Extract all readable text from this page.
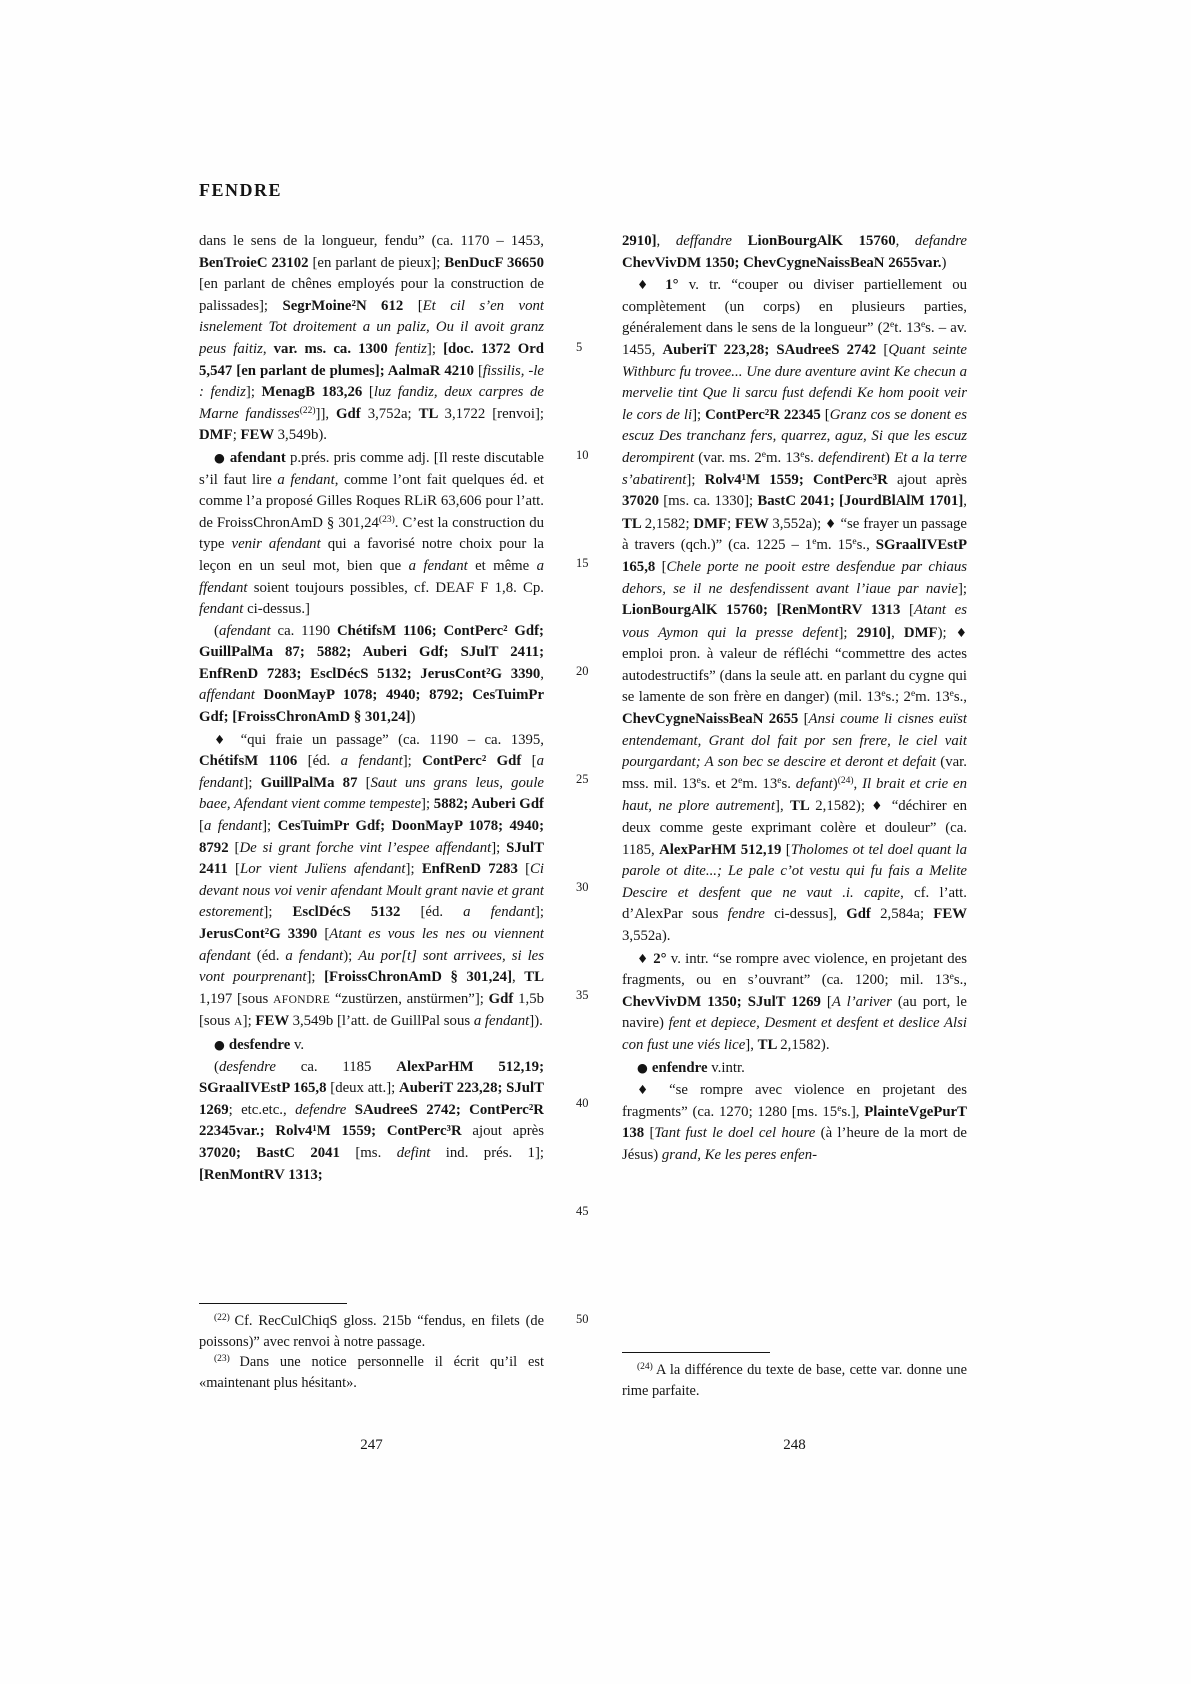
FENDRE

dans le sens de la longueur, fendu” (ca. 1170 – 1453, BenTroieC 23102 [en parlant de pieux]; BenDucF 36650 [en parlant de chênes employés pour la construction de palissades]; SegrMoine²N 612 [Et cil s’en vont isnelement Tot droitement a un paliz, Ou il avoit granz peus faitiz, var. ms. ca. 1300 fentiz]; [doc. 1372 Ord 5,547 [en parlant de plumes]; AalmaR 4210 [fissilis, -le : fendiz]; MenagB 183,26 [luz fandiz, deux carpres de Marne fandisses$^{(22)}$]], Gdf 3,752a; TL 3,1722 [renvoi]; DMF; FEW 3,549b).

● afendant p.prés. pris comme adj. [Il reste discutable s’il faut lire a fendant, comme l’ont fait quelques éd. et comme l’a proposé Gilles Roques RLiR 63,606 pour l’att. de FroissChronAmD § 301,24$^{(23)}$. C’est la construction du type venir afendant qui a favorisé notre choix pour la leçon en un seul mot, bien que a fendant et même a ffendant soient toujours possibles, cf. DEAF F 1,8. Cp. fendant ci-dessus.]

(afendant ca. 1190 ChétifsM 1106; ContPerc² Gdf; GuillPalMa 87; 5882; Auberi Gdf; SJulT 2411; EnfRenD 7283; EsclDécS 5132; JerusCont²G 3390, affendant DoonMayP 1078; 4940; 8792; CesTuimPr Gdf; [FroissChronAmD § 301,24])

♦ “qui fraie un passage” (ca. 1190 – ca. 1395, ChétifsM 1106 [éd. a fendant]; ContPerc² Gdf [a fendant]; GuillPalMa 87 [Saut uns grans leus, goule baee, Afendant vient comme tempeste]; 5882; Auberi Gdf [a fendant]; CesTuimPr Gdf; DoonMayP 1078; 4940; 8792 [De si grant forche vint l’espee affendant]; SJulT 2411 [Lor vient Julïens afendant]; EnfRenD 7283 [Ci devant nous voi venir afendant Moult grant navie et grant estorement]; EsclDécS 5132 [éd. a fendant]; JerusCont²G 3390 [Atant es vous les nes ou viennent afendant (éd. a fendant); Au por[t] sont arrivees, si les vont pourprenant]; [FroissChronAmD § 301,24], TL 1,197 [sous AFONDRE “zustürzen, anstürmen”]; Gdf 1,5b [sous A]; FEW 3,549b [l’att. de GuillPal sous a fendant]).

● desfendre v.

(desfendre ca. 1185 AlexParHM 512,19; SGraalIVEstP 165,8 [deux att.]; AuberiT 223,28; SJulT 1269; etc.etc., defendre SAudreeS 2742; ContPerc²R 22345var.; Rolv4¹M 1559; ContPerc³R ajout après 37020; BastC 2041 [ms. defint ind. prés. 1]; [RenMontRV 1313;

5
10
15
20
25
30
35
40
45
50

2910], deffandre LionBourgAlK 15760, defandre ChevVivDM 1350; ChevCygneNaissBeaN 2655var.)

♦ 1° v. tr. “couper ou diviser partiellement ou complètement (un corps) en plusieurs parties, généralement dans le sens de la longueur” (2et. 13es. – av. 1455, AuberiT 223,28; SAudreeS 2742 [Quant seinte Withburc fu trovee... Une dure aventure avint Ke checun a mervelie tint Que li sarcu fust defendi Ke hom pooit veir le cors de li]; ContPerc²R 22345 [Granz cos se donent es escuz Des tranchanz fers, quarrez, aguz, Si que les escuz derompirent (var. ms. 2em. 13es. defendirent) Et a la terre s’abatirent]; Rolv4¹M 1559; ContPerc³R ajout après 37020 [ms. ca. 1330]; BastC 2041; [JourdBlAlM 1701], TL 2,1582; DMF; FEW 3,552a); ♦ “se frayer un passage à travers (qch.)” (ca. 1225 – 1em. 15es., SGraalIVEstP 165,8 [Chele porte ne pooit estre desfendue par chiaus dehors, se il ne desfendissent avant l’iaue par navie]; LionBourgAlK 15760; [RenMontRV 1313 [Atant es vous Aymon qui la presse defent]; 2910], DMF); ♦ emploi pron. à valeur de réfléchi “commettre des actes autodestructifs” (dans la seule att. en parlant du cygne qui se lamente de son frère en danger) (mil. 13es.; 2em. 13es., ChevCygneNaissBeaN 2655 [Ansi coume li cisnes euïst entendemant, Grant dol fait por sen frere, le ciel vait pourgardant; A son bec se descire et deront et defait (var. mss. mil. 13es. et 2em. 13es. defant)$^{(24)}$, Il brait et crie en haut, ne plore autrement], TL 2,1582); ♦ “déchirer en deux comme geste exprimant colère et douleur” (ca. 1185, AlexParHM 512,19 [Tholomes ot tel doel quant la parole ot dite...; Le pale c’ot vestu qui fu fais a Melite Descire et desfent que ne vaut .i. capite, cf. l’att. d’AlexPar sous fendre ci-dessus], Gdf 2,584a; FEW 3,552a).

♦ 2° v. intr. “se rompre avec violence, en projetant des fragments, ou en s’ouvrant” (ca. 1200; mil. 13es., ChevVivDM 1350; SJulT 1269 [A l’ariver (au port, le navire) fent et depiece, Desment et desfent et deslice Alsi con fust une viés lice], TL 2,1582).

● enfendre v.intr.

♦ “se rompre avec violence en projetant des fragments” (ca. 1270; 1280 [ms. 15es.], PlainteVgePurT 138 [Tant fust le doel cel houre (à l’heure de la mort de Jésus) grand, Ke les peres enfen-

$^{(22)}$ Cf. RecCulChiqS gloss. 215b “fendus, en filets (de poissons)” avec renvoi à notre passage.

$^{(23)}$ Dans une notice personnelle il écrit qu’il est «maintenant plus hésitant».

$^{(24)}$ A la différence du texte de base, cette var. donne une rime parfaite.

247	248
